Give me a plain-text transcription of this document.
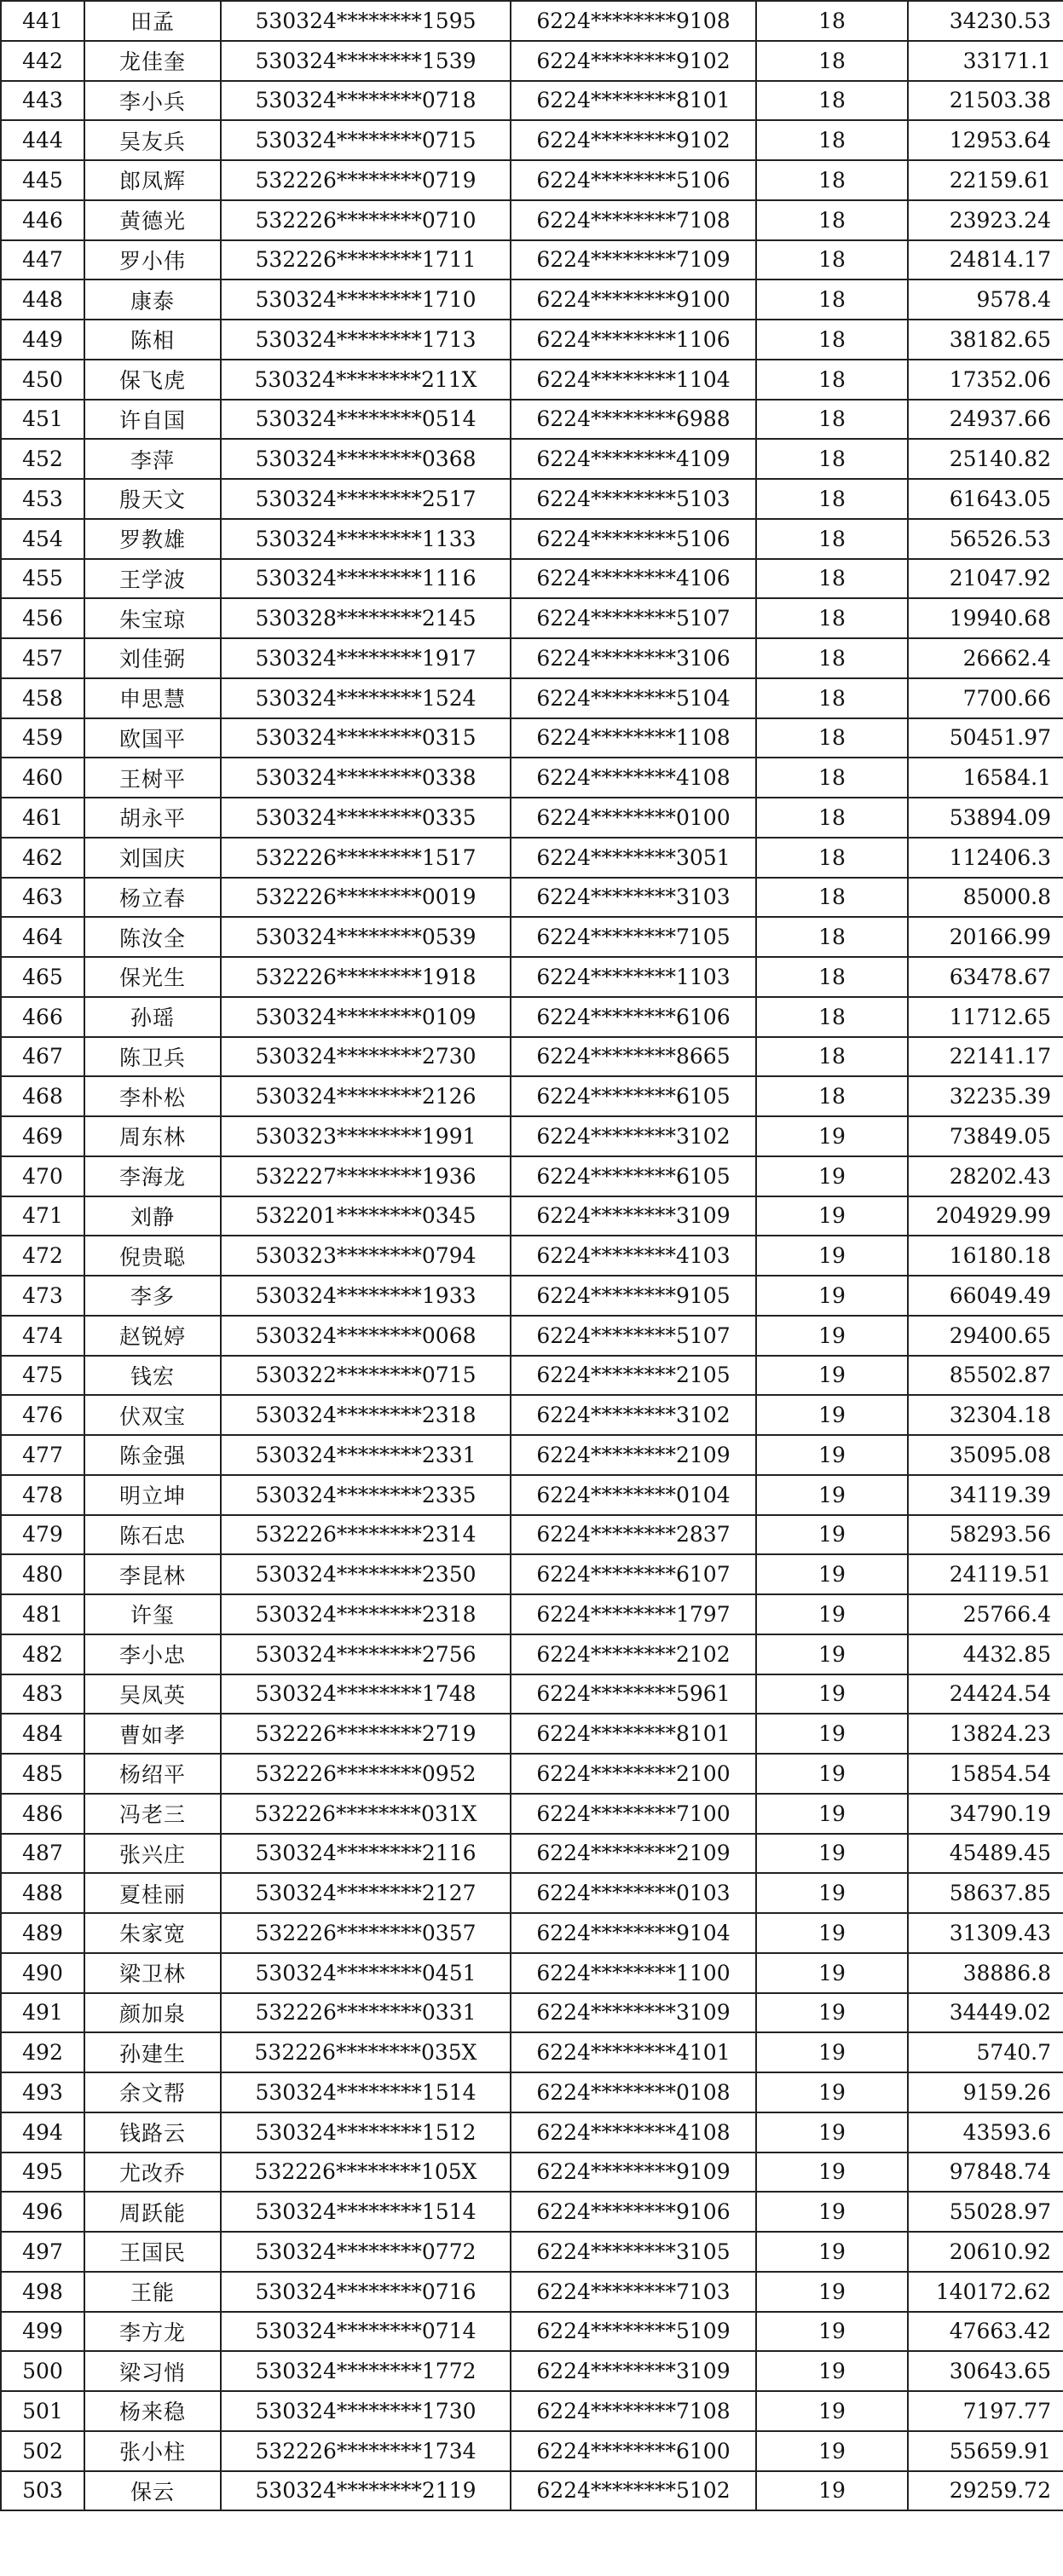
441	田孟	530324********1595	6224********9108	18	34230.53
442	龙佳奎	530324********1539	6224********9102	18	33171.1
443	李小兵	530324********0718	6224********8101	18	21503.38
444	吴友兵	530324********0715	6224********9102	18	12953.64
445	郎凤辉	532226********0719	6224********5106	18	22159.61
446	黄德光	532226********0710	6224********7108	18	23923.24
447	罗小伟	532226********1711	6224********7109	18	24814.17
448	康泰	530324********1710	6224********9100	18	9578.4
449	陈相	530324********1713	6224********1106	18	38182.65
450	保飞虎	530324********211X	6224********1104	18	17352.06
451	许自国	530324********0514	6224********6988	18	24937.66
452	李萍	530324********0368	6224********4109	18	25140.82
453	殷天文	530324********2517	6224********5103	18	61643.05
454	罗教雄	530324********1133	6224********5106	18	56526.53
455	王学波	530324********1116	6224********4106	18	21047.92
456	朱宝琼	530328********2145	6224********5107	18	19940.68
457	刘佳弼	530324********1917	6224********3106	18	26662.4
458	申思慧	530324********1524	6224********5104	18	7700.66
459	欧国平	530324********0315	6224********1108	18	50451.97
460	王树平	530324********0338	6224********4108	18	16584.1
461	胡永平	530324********0335	6224********0100	18	53894.09
462	刘国庆	532226********1517	6224********3051	18	112406.3
463	杨立春	532226********0019	6224********3103	18	85000.8
464	陈汝全	530324********0539	6224********7105	18	20166.99
465	保光生	532226********1918	6224********1103	18	63478.67
466	孙瑶	530324********0109	6224********6106	18	11712.65
467	陈卫兵	530324********2730	6224********8665	18	22141.17
468	李朴松	530324********2126	6224********6105	18	32235.39
469	周东林	530323********1991	6224********3102	19	73849.05
470	李海龙	532227********1936	6224********6105	19	28202.43
471	刘静	532201********0345	6224********3109	19	204929.99
472	倪贵聪	530323********0794	6224********4103	19	16180.18
473	李多	530324********1933	6224********9105	19	66049.49
474	赵锐婷	530324********0068	6224********5107	19	29400.65
475	钱宏	530322********0715	6224********2105	19	85502.87
476	伏双宝	530324********2318	6224********3102	19	32304.18
477	陈金强	530324********2331	6224********2109	19	35095.08
478	明立坤	530324********2335	6224********0104	19	34119.39
479	陈石忠	532226********2314	6224********2837	19	58293.56
480	李昆林	530324********2350	6224********6107	19	24119.51
481	许玺	530324********2318	6224********1797	19	25766.4
482	李小忠	530324********2756	6224********2102	19	4432.85
483	吴凤英	530324********1748	6224********5961	19	24424.54
484	曹如孝	532226********2719	6224********8101	19	13824.23
485	杨绍平	532226********0952	6224********2100	19	15854.54
486	冯老三	532226********031X	6224********7100	19	34790.19
487	张兴庄	530324********2116	6224********2109	19	45489.45
488	夏桂丽	530324********2127	6224********0103	19	58637.85
489	朱家宽	532226********0357	6224********9104	19	31309.43
490	梁卫林	530324********0451	6224********1100	19	38886.8
491	颜加泉	532226********0331	6224********3109	19	34449.02
492	孙建生	532226********035X	6224********4101	19	5740.7
493	余文帮	530324********1514	6224********0108	19	9159.26
494	钱路云	530324********1512	6224********4108	19	43593.6
495	尤改乔	532226********105X	6224********9109	19	97848.74
496	周跃能	530324********1514	6224********9106	19	55028.97
497	王国民	530324********0772	6224********3105	19	20610.92
498	王能	530324********0716	6224********7103	19	140172.62
499	李方龙	530324********0714	6224********5109	19	47663.42
500	梁习悄	530324********1772	6224********3109	19	30643.65
501	杨来稳	530324********1730	6224********7108	19	7197.77
502	张小柱	532226********1734	6224********6100	19	55659.91
503	保云	530324********2119	6224********5102	19	29259.72
